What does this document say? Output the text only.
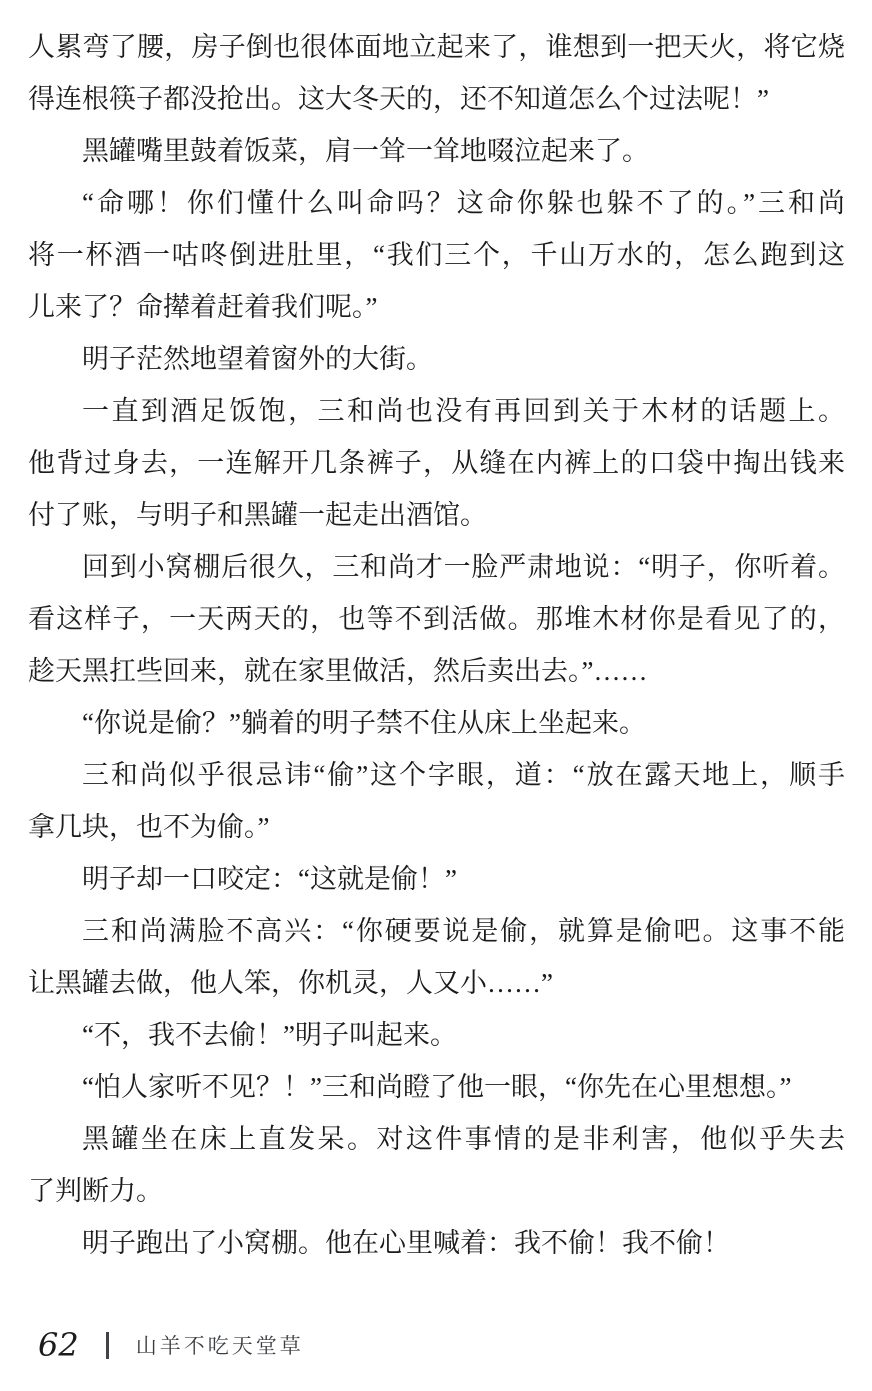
人累弯了腰，房子倒也很体面地立起来了，谁想到一把天火，将它烧
得连根筷子都没抢出。这大冬天的，还不知道怎么个过法呢！”

黑罐嘴里鼓着饭菜，肩一耸一耸地啜泣起来了。

“命哪！你们懂什么叫命吗？这命你躲也躲不了的。”三和尚
将一杯酒一咕咚倒进肚里，“我们三个，千山万水的，怎么跑到这
儿来了？命撵着赶着我们呢。”

明子茫然地望着窗外的大街。

一直到酒足饭饱，三和尚也没有再回到关于木材的话题上。
他背过身去，一连解开几条裤子，从缝在内裤上的口袋中掏出钱来
付了账，与明子和黑罐一起走出酒馆。

回到小窝棚后很久，三和尚才一脸严肃地说：“明子，你听着。
看这样子，一天两天的，也等不到活做。那堆木材你是看见了的，
趁天黑扛些回来，就在家里做活，然后卖出去。”……

“你说是偷？”躺着的明子禁不住从床上坐起来。

三和尚似乎很忌讳“偷”这个字眼，道：“放在露天地上，顺手
拿几块，也不为偷。”

明子却一口咬定：“这就是偷！”

三和尚满脸不高兴：“你硬要说是偷，就算是偷吧。这事不能
让黑罐去做，他人笨，你机灵，人又小……”

“不，我不去偷！”明子叫起来。

“怕人家听不见？！”三和尚瞪了他一眼，“你先在心里想想。”

黑罐坐在床上直发呆。对这件事情的是非利害，他似乎失去
了判断力。

明子跑出了小窝棚。他在心里喊着：我不偷！我不偷！

62	山羊不吃天堂草
